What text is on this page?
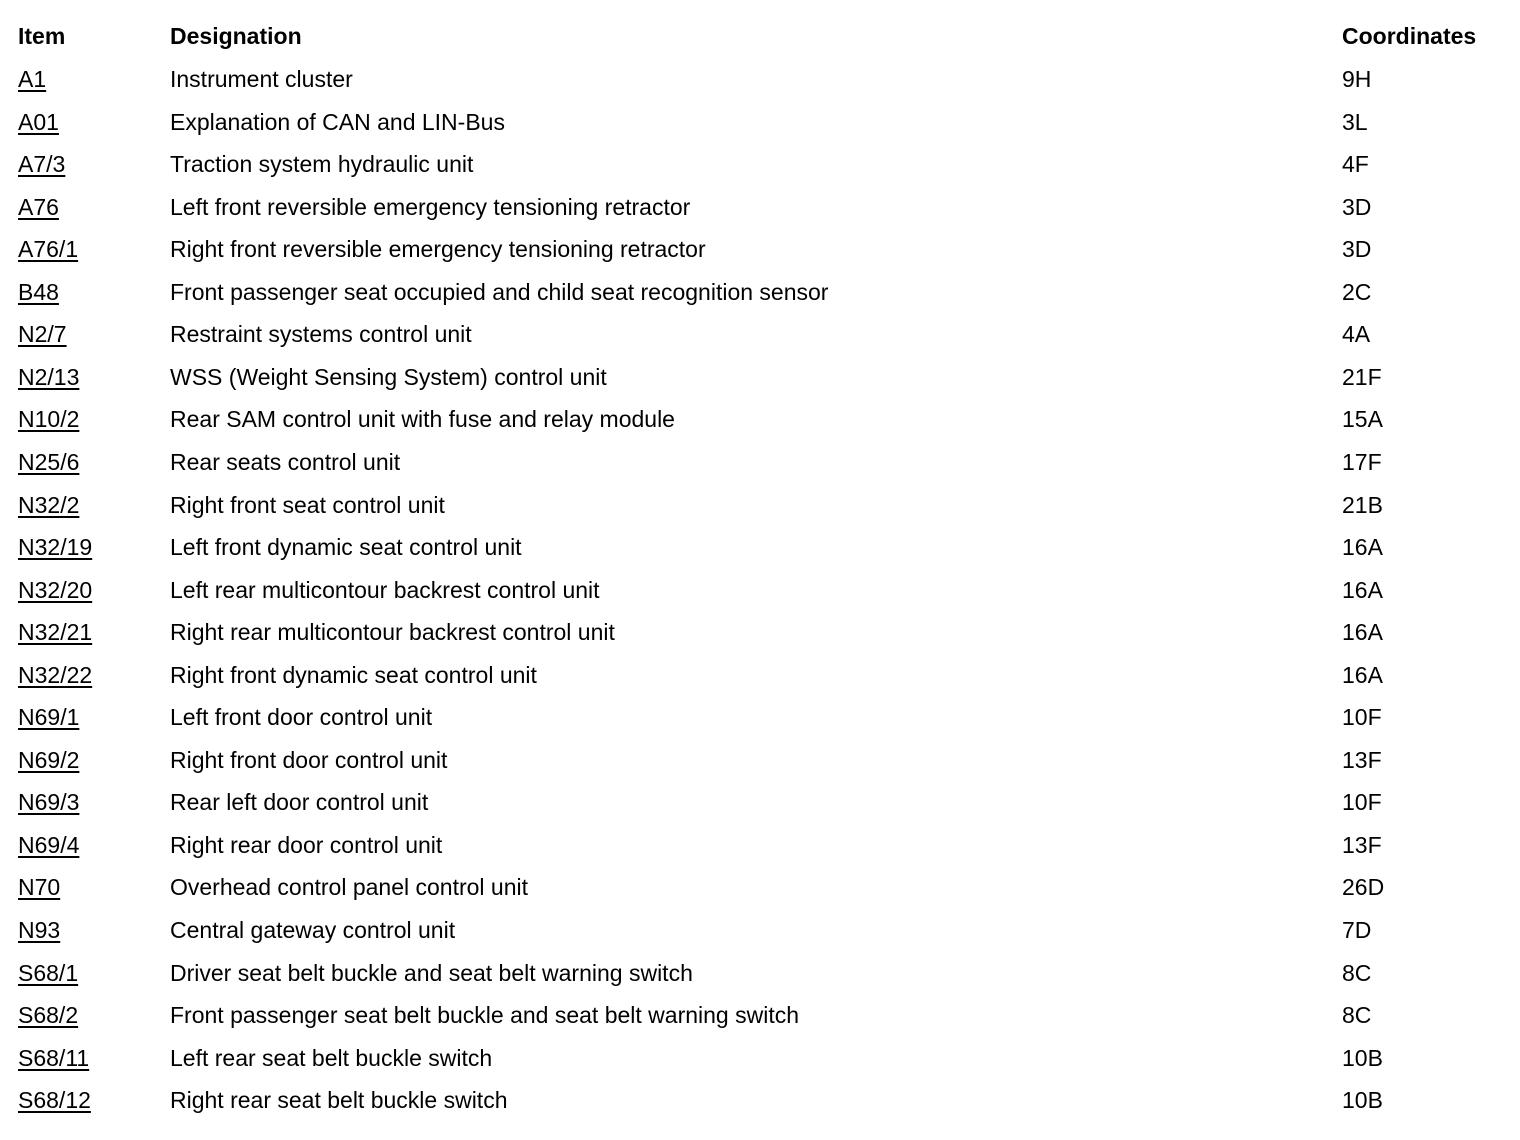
Item	Designation	Coordinates
A1	Instrument cluster	9H
A01	Explanation of CAN and LIN-Bus	3L
A7/3	Traction system hydraulic unit	4F
A76	Left front reversible emergency tensioning retractor	3D
A76/1	Right front reversible emergency tensioning retractor	3D
B48	Front passenger seat occupied and child seat recognition sensor	2C
N2/7	Restraint systems control unit	4A
N2/13	WSS (Weight Sensing System) control unit	21F
N10/2	Rear SAM control unit with fuse and relay module	15A
N25/6	Rear seats control unit	17F
N32/2	Right front seat control unit	21B
N32/19	Left front dynamic seat control unit	16A
N32/20	Left rear multicontour backrest control unit	16A
N32/21	Right rear multicontour backrest control unit	16A
N32/22	Right front dynamic seat control unit	16A
N69/1	Left front door control unit	10F
N69/2	Right front door control unit	13F
N69/3	Rear left door control unit	10F
N69/4	Right rear door control unit	13F
N70	Overhead control panel control unit	26D
N93	Central gateway control unit	7D
S68/1	Driver seat belt buckle and seat belt warning switch	8C
S68/2	Front passenger seat belt buckle and seat belt warning switch	8C
S68/11	Left rear seat belt buckle switch	10B
S68/12	Right rear seat belt buckle switch	10B
